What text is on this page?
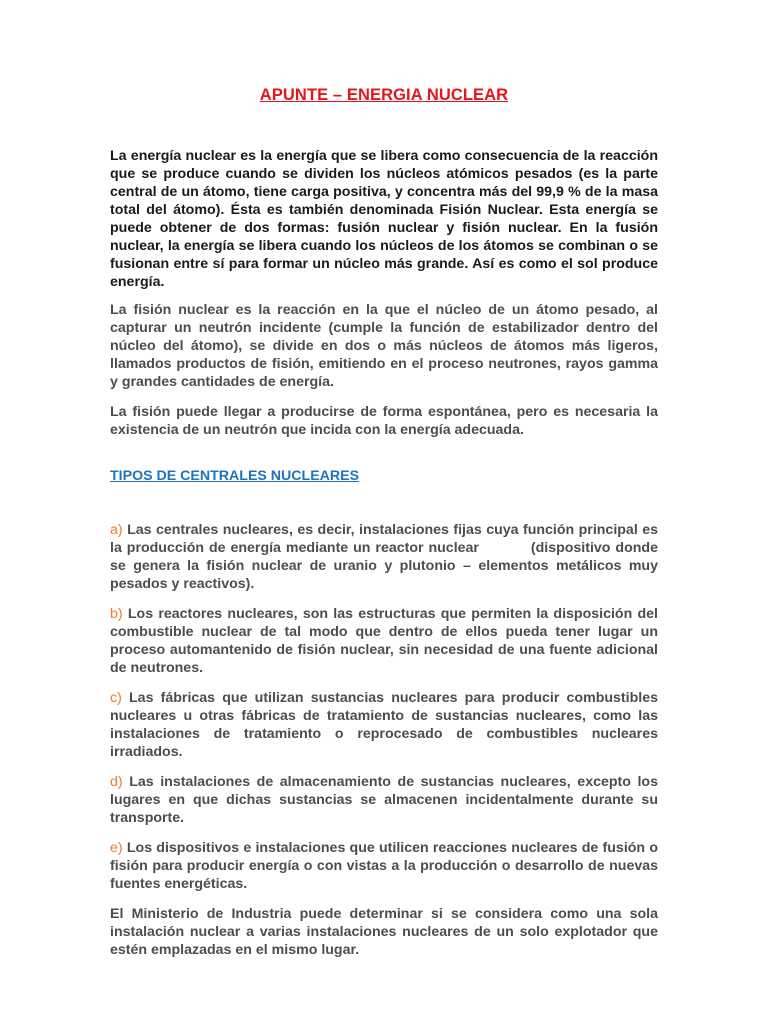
APUNTE – ENERGIA NUCLEAR

La energía nuclear es la energía que se libera como consecuencia de la reacción que se produce cuando se dividen los núcleos atómicos pesados (es la parte central de un átomo, tiene carga positiva, y concentra más del 99,9 % de la masa total del átomo). Ésta es también denominada Fisión Nuclear. Esta energía se puede obtener de dos formas: fusión nuclear y fisión nuclear. En la fusión nuclear, la energía se libera cuando los núcleos de los átomos se combinan o se fusionan entre sí para formar un núcleo más grande. Así es como el sol produce energía.

La fisión nuclear es la reacción en la que el núcleo de un átomo pesado, al capturar un neutrón incidente (cumple la función de estabilizador dentro del núcleo del átomo), se divide en dos o más núcleos de átomos más ligeros, llamados productos de fisión, emitiendo en el proceso neutrones, rayos gamma y grandes cantidades de energía.

La fisión puede llegar a producirse de forma espontánea, pero es necesaria la existencia de un neutrón que incida con la energía adecuada.

TIPOS DE CENTRALES NUCLEARES

a) Las centrales nucleares, es decir, instalaciones fijas cuya función principal es la producción de energía mediante un reactor nuclear	(dispositivo donde se genera la fisión nuclear de uranio y plutonio – elementos metálicos muy pesados y reactivos).

b) Los reactores nucleares, son las estructuras que permiten la disposición del combustible nuclear de tal modo que dentro de ellos pueda tener lugar un proceso automantenido de fisión nuclear, sin necesidad de una fuente adicional de neutrones.

c) Las fábricas que utilizan sustancias nucleares para producir combustibles nucleares u otras fábricas de tratamiento de sustancias nucleares, como las instalaciones de tratamiento o reprocesado de combustibles nucleares irradiados.

d) Las instalaciones de almacenamiento de sustancias nucleares, excepto los lugares en que dichas sustancias se almacenen incidentalmente durante su transporte.

e) Los dispositivos e instalaciones que utilicen reacciones nucleares de fusión o fisión para producir energía o con vistas a la producción o desarrollo de nuevas fuentes energéticas.

El Ministerio de Industria puede determinar si se considera como una sola instalación nuclear a varias instalaciones nucleares de un solo explotador que estén emplazadas en el mismo lugar.
